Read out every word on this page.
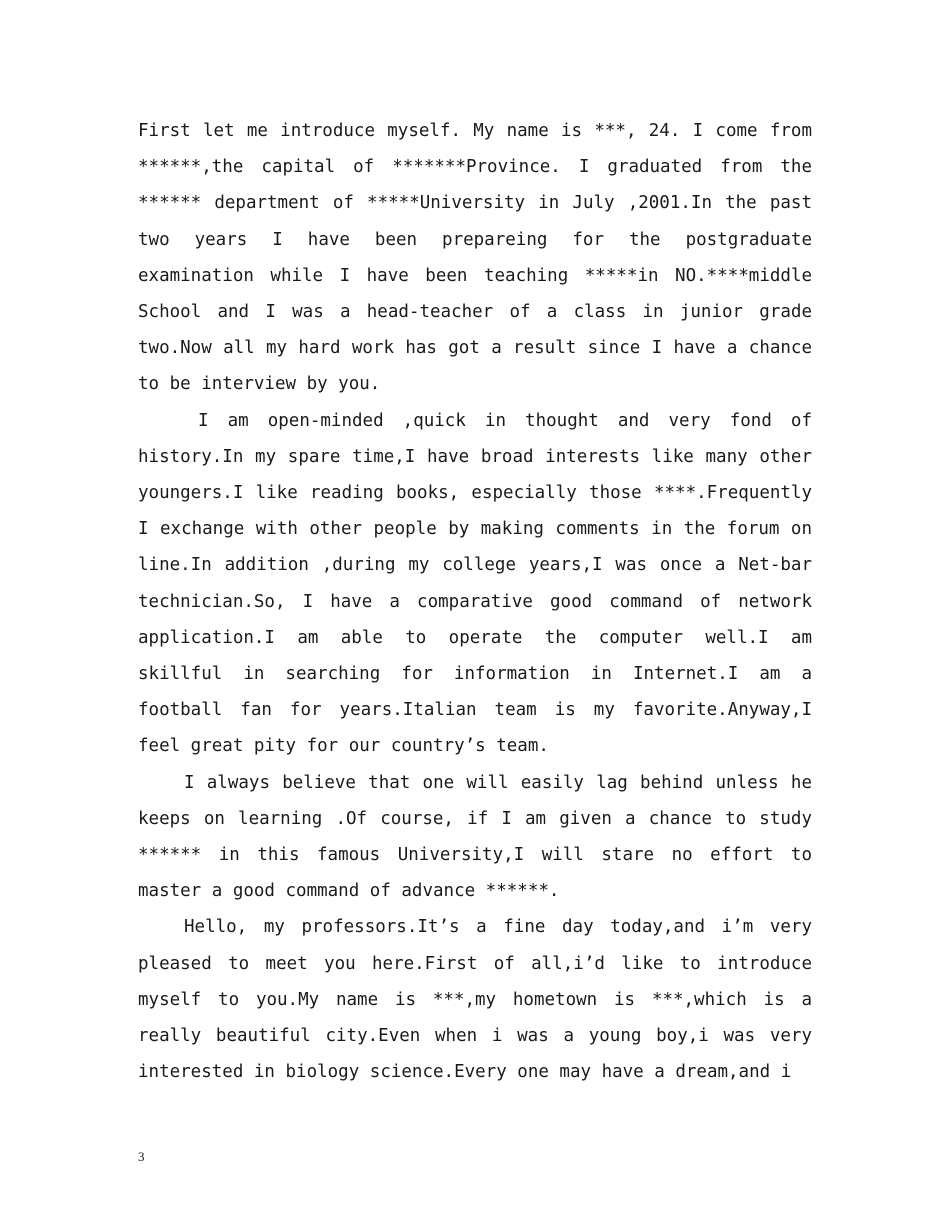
First let me introduce myself. My name is ***, 24. I come from ******,the capital of *******Province. I graduated from the ****** department of *****University in July ,2001.In the past two years I have been prepareing for the postgraduate examination while I have been teaching *****in NO.****middle School and I was a head-teacher of a class in junior grade two.Now all my hard work has got a result since I have a chance to be interview by you.

I am open-minded ,quick in thought and very fond of history.In my spare time,I have broad interests like many other youngers.I like reading books, especially those ****.Frequently I exchange with other people by making comments in the forum on line.In addition ,during my college years,I was once a Net-bar technician.So, I have a comparative good command of network application.I am able to operate the computer well.I am skillful in searching for information in Internet.I am a football fan for years.Italian team is my favorite.Anyway,I feel great pity for our country’s team.

I always believe that one will easily lag behind unless he keeps on learning .Of course, if I am given a chance to study ****** in this famous University,I will stare no effort to master a good command of advance ******.

Hello, my professors.It’s a fine day today,and i’m very pleased to meet you here.First of all,i’d like to introduce myself to you.My name is ***,my hometown is ***,which is a really beautiful city.Even when i was a young boy,i was very interested in biology science.Every one may have a dream,and i

3
